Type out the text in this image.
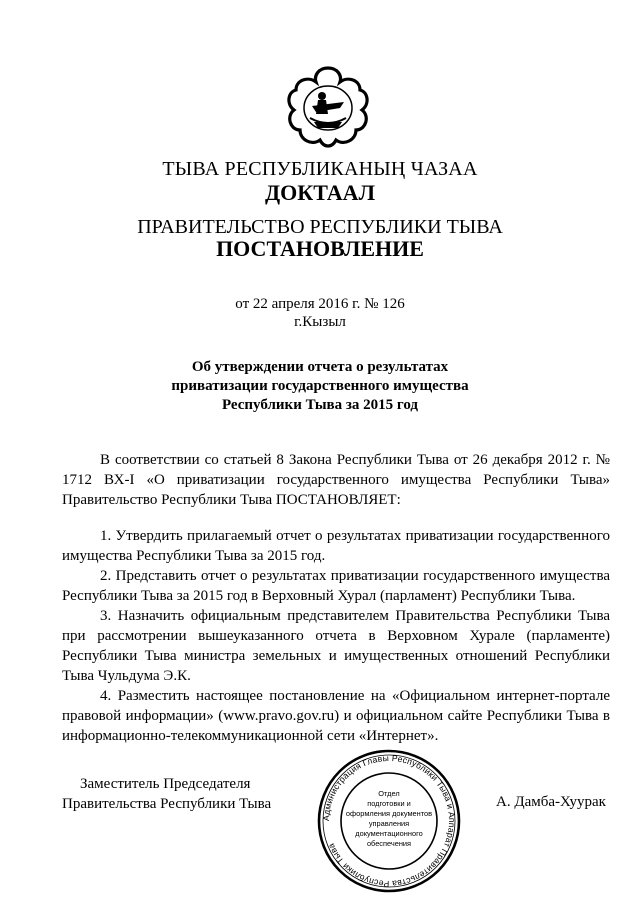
ТЫВА РЕСПУБЛИКАНЫҢ ЧАЗАА
ДОКТААЛ
ПРАВИТЕЛЬСТВО РЕСПУБЛИКИ ТЫВА
ПОСТАНОВЛЕНИЕ
от 22 апреля 2016 г. № 126
г.Кызыл
Об утверждении отчета о результатах
приватизации государственного имущества
Республики Тыва за 2015 год
В соответствии со статьей 8 Закона Республики Тыва от 26 декабря 2012 г. № 1712 ВХ-I «О приватизации государственного имущества Республики Тыва» Правительство Республики Тыва ПОСТАНОВЛЯЕТ:

1. Утвердить прилагаемый отчет о результатах приватизации государственного имущества Республики Тыва за 2015 год.

2. Представить отчет о результатах приватизации государственного имущества Республики Тыва за 2015 год в Верховный Хурал (парламент) Республики Тыва.

3. Назначить официальным представителем Правительства Республики Тыва при рассмотрении вышеуказанного отчета в Верховном Хурале (парламенте) Республики Тыва министра земельных и имущественных отношений Республики Тыва Чульдума Э.К.

4. Разместить настоящее постановление на «Официальном интернет-портале правовой информации» (www.pravo.gov.ru) и официальном сайте Республики Тыва в информационно-телекоммуникационной сети «Интернет».

Заместитель Председателя
Правительства Республики Тыва	А. Дамба-Хуурак
Администрация Главы Республики Тыва и Аппарат Правительства Республики Тыва
Отдел
подготовки и
оформления документов
управления
документационного
обеспечения
